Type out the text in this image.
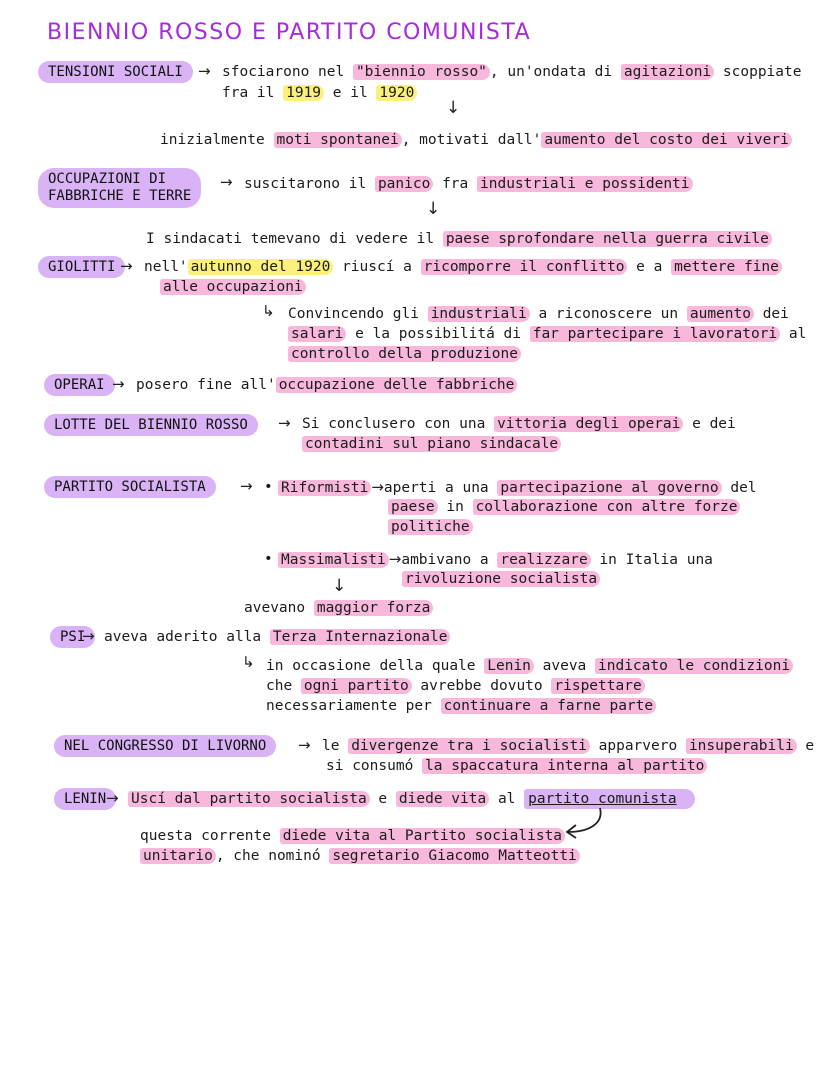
BIENNIO ROSSO E PARTITO COMUNISTA
TENSIONI SOCIALI	→ sfociarono nel "biennio rosso" , un'ondata di agitazioni scoppiate
fra il 1919 e il 1920
↓
inizialmente moti spontanei , motivati dall' aumento del costo dei viveri
OCCUPAZIONI DI
FABBRICHE E TERRE
→ suscitarono il panico fra industriali e possidenti
↓
I sindacati temevano di vedere il paese sprofondare nella guerra civile
GIOLITTI → nell' autunno del 1920 riuscí a ricomporre il conflitto e a mettere fine
alle occupazioni
↳ Convincendo gli industriali a riconoscere un aumento dei
salari e la possibilitá di far partecipare i lavoratori al
controllo della produzione
OPERAI → posero fine all' occupazione delle fabbriche
LOTTE DEL BIENNIO ROSSO	→ Si conclusero con una vittoria degli operai e dei
contadini sul piano sindacale
PARTITO SOCIALISTA	→ • Riformisti →aperti a una partecipazione al governo del
paese in collaborazione con altre forze
politiche
• Massimalisti →ambivano a realizzare in Italia una
rivoluzione socialista
↓
avevano maggior forza
PSI
→ aveva aderito alla Terza Internazionale
↳ in occasione della quale Lenin aveva indicato le condizioni
che ogni partito avrebbe dovuto rispettare
necessariamente per continuare a farne parte
NEL CONGRESSO DI LIVORNO	→ le divergenze tra i socialisti apparvero insuperabili e
si consumó la spaccatura interna al partito
LENIN → Uscí dal partito socialista e diede vita al partito comunista
questa corrente diede vita al Partito socialista
unitario , che nominó segretario Giacomo Matteotti
